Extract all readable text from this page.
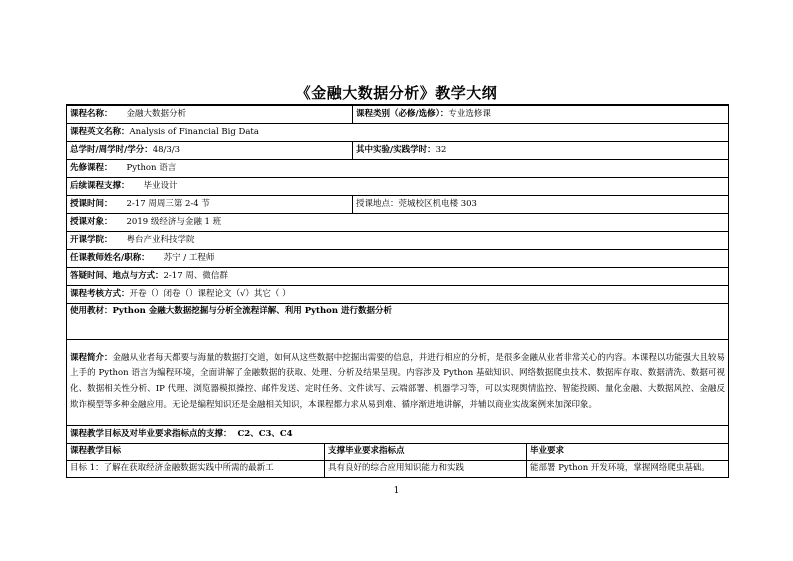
《金融大数据分析》教学大纲
课程名称： 金融大数据分析		课程类别（必修/选修）：专业选修课	
课程英文名称：Analysis of Financial Big Data			
总学时/周学时/学分：48/3/3		其中实验/实践学时：32	
先修课程： Python 语言			
后续课程支撑： 毕业设计			
授课时间： 2-17 周周三第 2-4 节		授课地点：莞城校区机电楼 303	
授课对象： 2019 级经济与金融 1 班			
开课学院： 粤台产业科技学院			
任课教师姓名/职称： 苏宁 / 工程师			
答疑时间、地点与方式：2-17 周、微信群			
课程考核方式：开卷（）闭卷（）课程论文（√）其它（ ）			
使用教材：Python 金融大数据挖掘与分析全流程详解、利用 Python 进行数据分析			
课程简介：金融从业者每天都要与海量的数据打交道，如何从这些数据中挖掘出需要的信息，并进行相应的分析，是很多金融从业者非常关心的内容。本课程以功能强大且较易上手的 Python 语言为编程环境，全面讲解了金融数据的获取、处理、分析及结果呈现。内容涉及 Python 基础知识、网络数据爬虫技术、数据库存取、数据清洗、数据可视化、数据相关性分析、IP 代理、浏览器模拟操控、邮件发送、定时任务、文件读写、云端部署、机器学习等，可以实现舆情监控、智能投顾、量化金融、大数据风控、金融反欺诈模型等多种金融应用。无论是编程知识还是金融相关知识，本课程都力求从易到难、循序渐进地讲解，并辅以商业实战案例来加深印象。			
课程教学目标及对毕业要求指标点的支撑： C2、C3、C4			
课程教学目标	支撑毕业要求指标点		毕业要求
目标 1：了解在获取经济金融数据实践中所需的最新工	具有良好的综合应用知识能力和实践		能部署 Python 开发环境，掌握网络爬虫基础。
1
